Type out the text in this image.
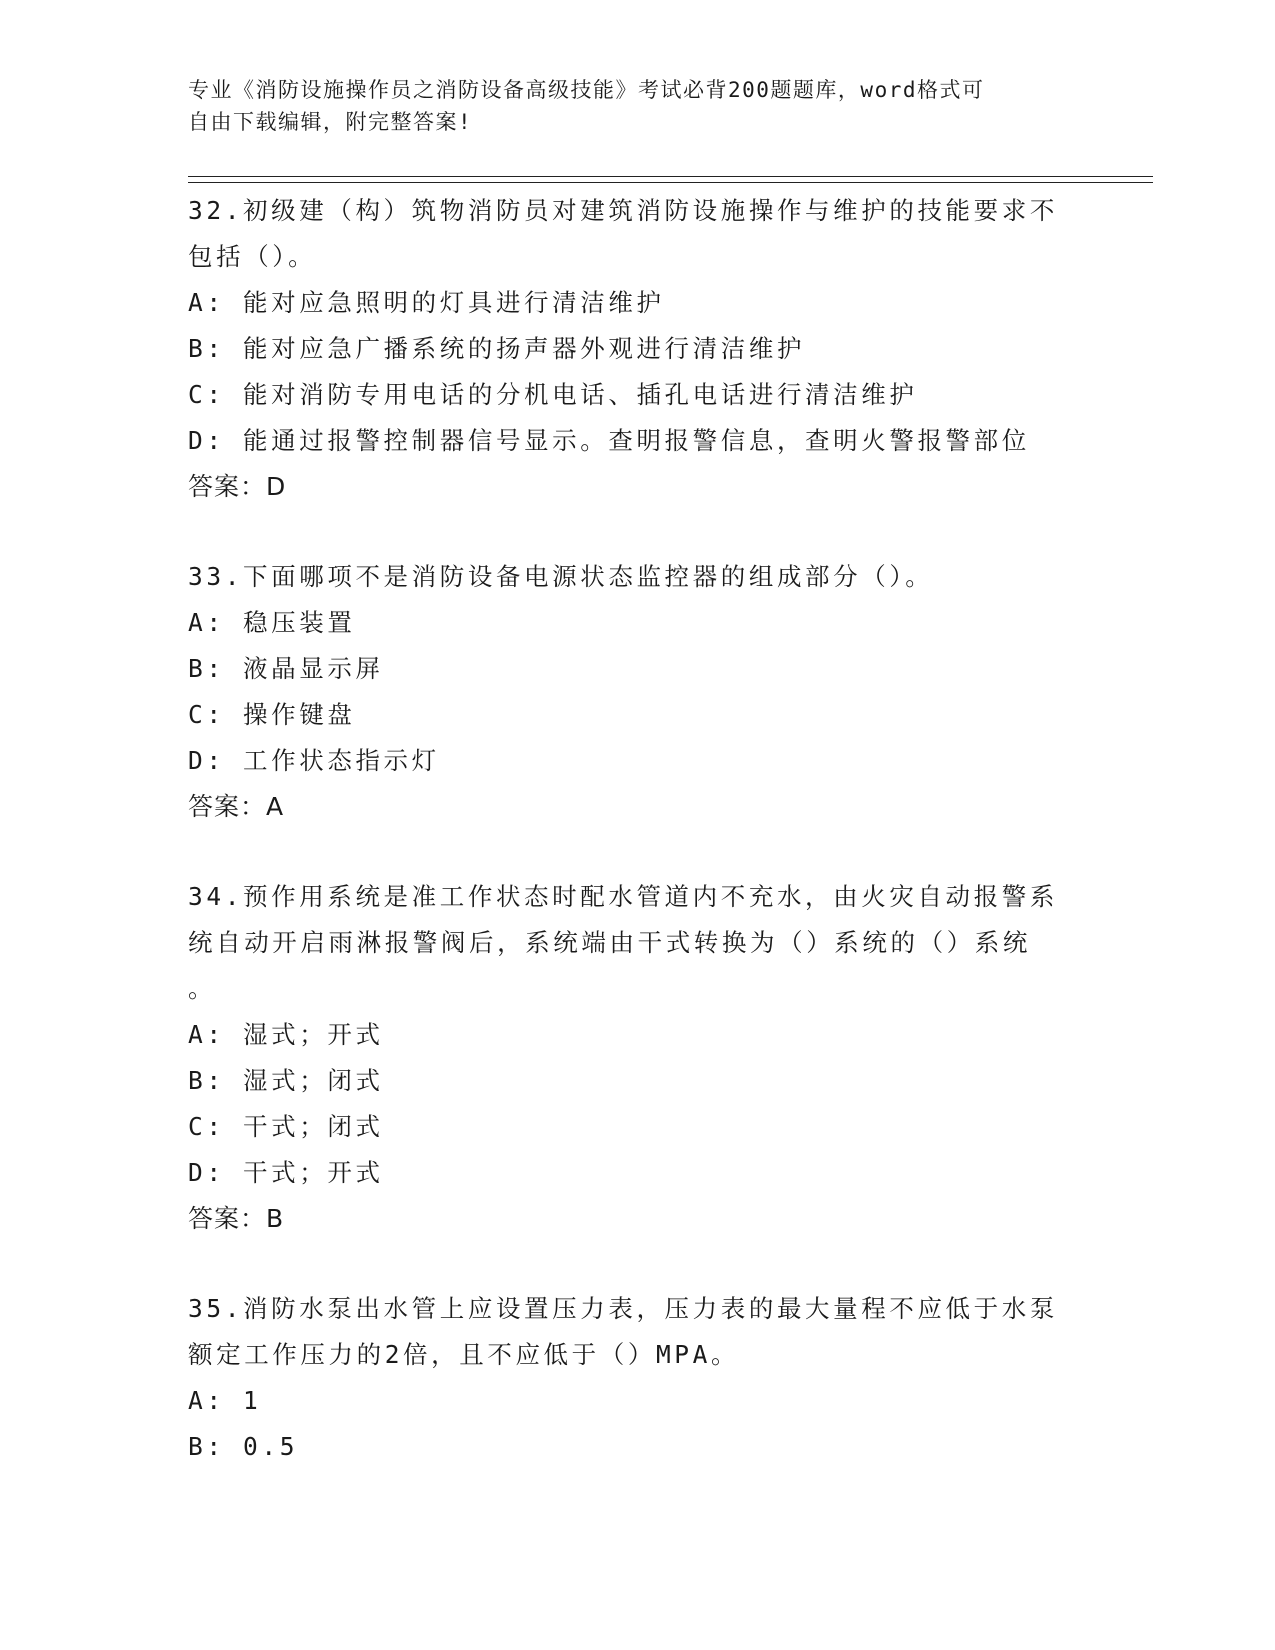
专业《消防设施操作员之消防设备高级技能》考试必背200题题库，word格式可
自由下载编辑，附完整答案!
32.初级建（构）筑物消防员对建筑消防设施操作与维护的技能要求不
包括（）。
A: 能对应急照明的灯具进行清洁维护
B: 能对应急广播系统的扬声器外观进行清洁维护
C: 能对消防专用电话的分机电话、插孔电话进行清洁维护
D: 能通过报警控制器信号显示。查明报警信息，查明火警报警部位
答案：D
33.下面哪项不是消防设备电源状态监控器的组成部分（）。
A: 稳压装置
B: 液晶显示屏
C: 操作键盘
D: 工作状态指示灯
答案：A
34.预作用系统是准工作状态时配水管道内不充水，由火灾自动报警系
统自动开启雨淋报警阀后，系统端由干式转换为（）系统的（）系统
。
A: 湿式；开式
B: 湿式；闭式
C: 干式；闭式
D: 干式；开式
答案：B
35.消防水泵出水管上应设置压力表，压力表的最大量程不应低于水泵
额定工作压力的2倍，且不应低于（）MPA。
A: 1
B: 0.5
